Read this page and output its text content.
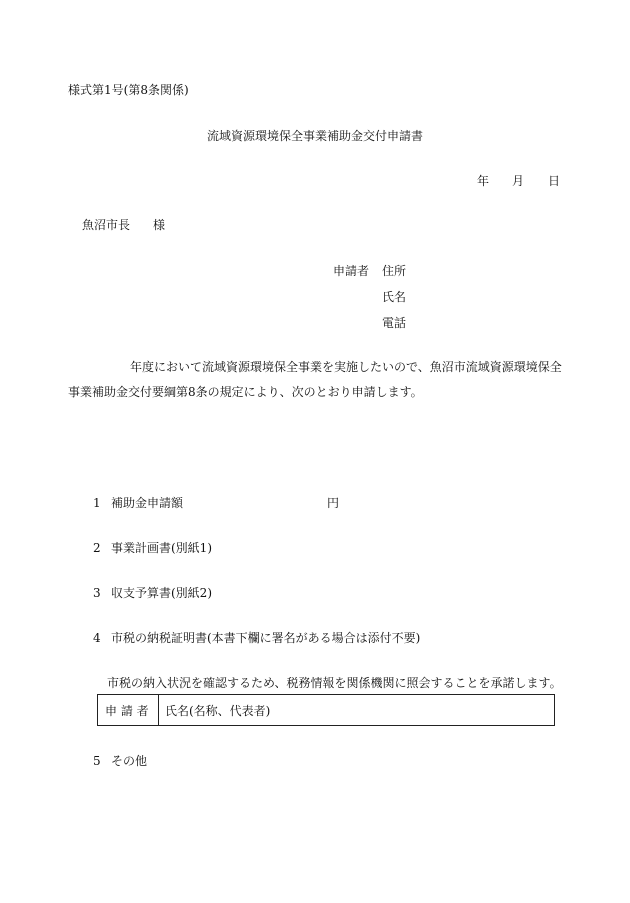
様式第1号(第8条関係)
流域資源環境保全事業補助金交付申請書
年 月 日
魚沼市長 様
申請者 住所
氏名
電話
年度において流域資源環境保全事業を実施したいので、魚沼市流域資源環境保全
事業補助金交付要綱第8条の規定により、次のとおり申請します。
1 補助金申請額	円
2 事業計画書(別紙1)
3 収支予算書(別紙2)
4 市税の納税証明書(本書下欄に署名がある場合は添付不要)
市税の納入状況を確認するため、税務情報を関係機関に照会することを承諾します。
申 請 者 氏名(名称、代表者)
5 その他
